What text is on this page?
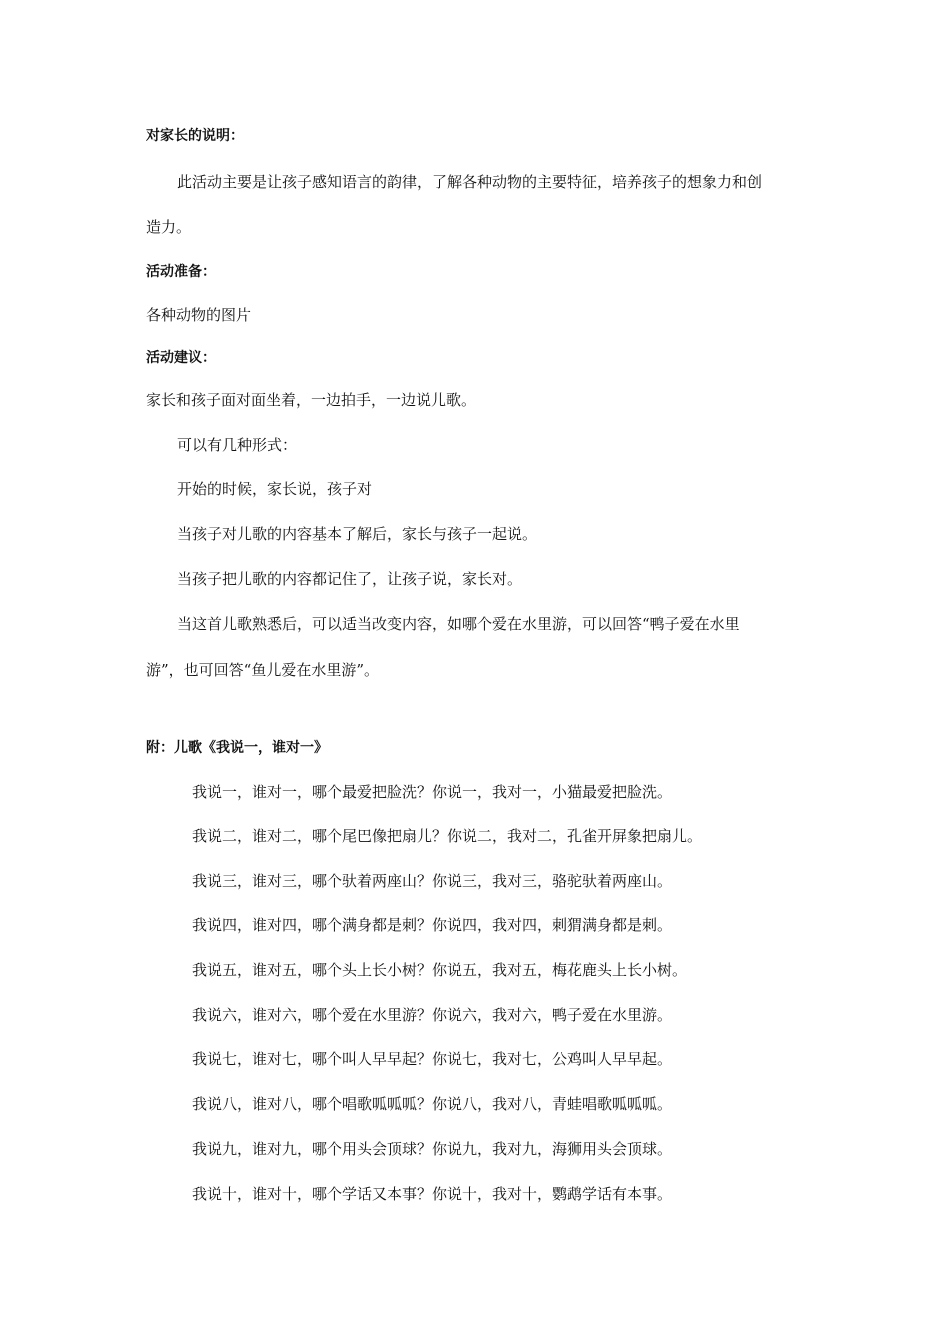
对家长的说明：
此活动主要是让孩子感知语言的韵律，了解各种动物的主要特征，培养孩子的想象力和创
造力。
活动准备：
各种动物的图片
活动建议：
家长和孩子面对面坐着，一边拍手，一边说儿歌。
可以有几种形式：
开始的时候，家长说，孩子对
当孩子对儿歌的内容基本了解后，家长与孩子一起说。
当孩子把儿歌的内容都记住了，让孩子说，家长对。
当这首儿歌熟悉后，可以适当改变内容，如哪个爱在水里游，可以回答“鸭子爱在水里
游”，也可回答“鱼儿爱在水里游”。
附：儿歌《我说一，谁对一》
我说一，谁对一，哪个最爱把脸洗？你说一，我对一，小猫最爱把脸洗。
我说二，谁对二，哪个尾巴像把扇儿？你说二，我对二，孔雀开屏象把扇儿。
我说三，谁对三，哪个驮着两座山？你说三，我对三，骆驼驮着两座山。
我说四，谁对四，哪个满身都是刺？你说四，我对四，刺猬满身都是刺。
我说五，谁对五，哪个头上长小树？你说五，我对五，梅花鹿头上长小树。
我说六，谁对六，哪个爱在水里游？你说六，我对六，鸭子爱在水里游。
我说七，谁对七，哪个叫人早早起？你说七，我对七，公鸡叫人早早起。
我说八，谁对八，哪个唱歌呱呱呱？你说八，我对八，青蛙唱歌呱呱呱。
我说九，谁对九，哪个用头会顶球？你说九，我对九，海狮用头会顶球。
我说十，谁对十，哪个学话又本事？你说十，我对十，鹦鹉学话有本事。
